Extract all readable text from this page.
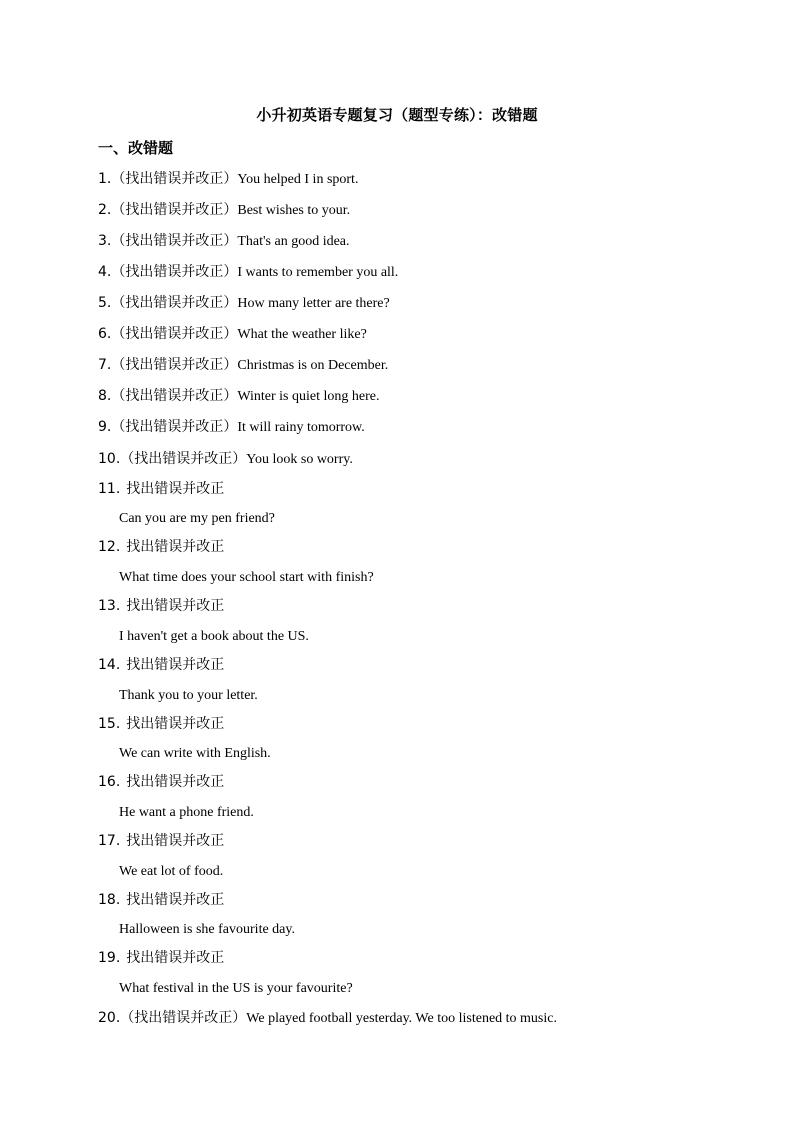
小升初英语专题复习（题型专练）：改错题
一、改错题
1.（找出错误并改正）You helped I in sport.
2.（找出错误并改正）Best wishes to your.
3.（找出错误并改正）That's an good idea.
4.（找出错误并改正）I wants to remember you all.
5.（找出错误并改正）How many letter are there?
6.（找出错误并改正）What the weather like?
7.（找出错误并改正）Christmas is on December.
8.（找出错误并改正）Winter is quiet long here.
9.（找出错误并改正）It will rainy tomorrow.
10.（找出错误并改正）You look so worry.
11. 找出错误并改正
Can you are my pen friend?
12. 找出错误并改正
What time does your school start with finish?
13. 找出错误并改正
I haven't get a book about the US.
14. 找出错误并改正
Thank you to your letter.
15. 找出错误并改正
We can write with English.
16. 找出错误并改正
He want a phone friend.
17. 找出错误并改正
We eat lot of food.
18. 找出错误并改正
Halloween is she favourite day.
19. 找出错误并改正
What festival in the US is your favourite?
20.（找出错误并改正）We played football yesterday. We too listened to music.
